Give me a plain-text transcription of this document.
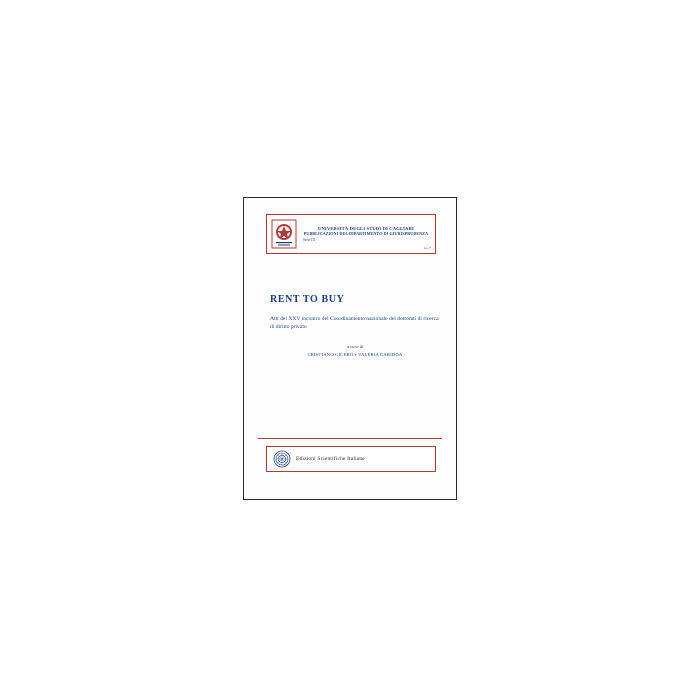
UNIVERSITÀ DEGLI STUDI DI CAGLIARI
PUBBLICAZIONI DEL DIPARTIMENTO DI GIURISPRUDENZA
Serie III
no. 7
RENT TO BUY
Atti del XXV incontro del Coordinamento nazionale dei dottorati di ricerca di diritto privato
a cura di
CRISTIANO CICERO e VALERIA CARIDDA
Edizioni Scientifiche Italiane
